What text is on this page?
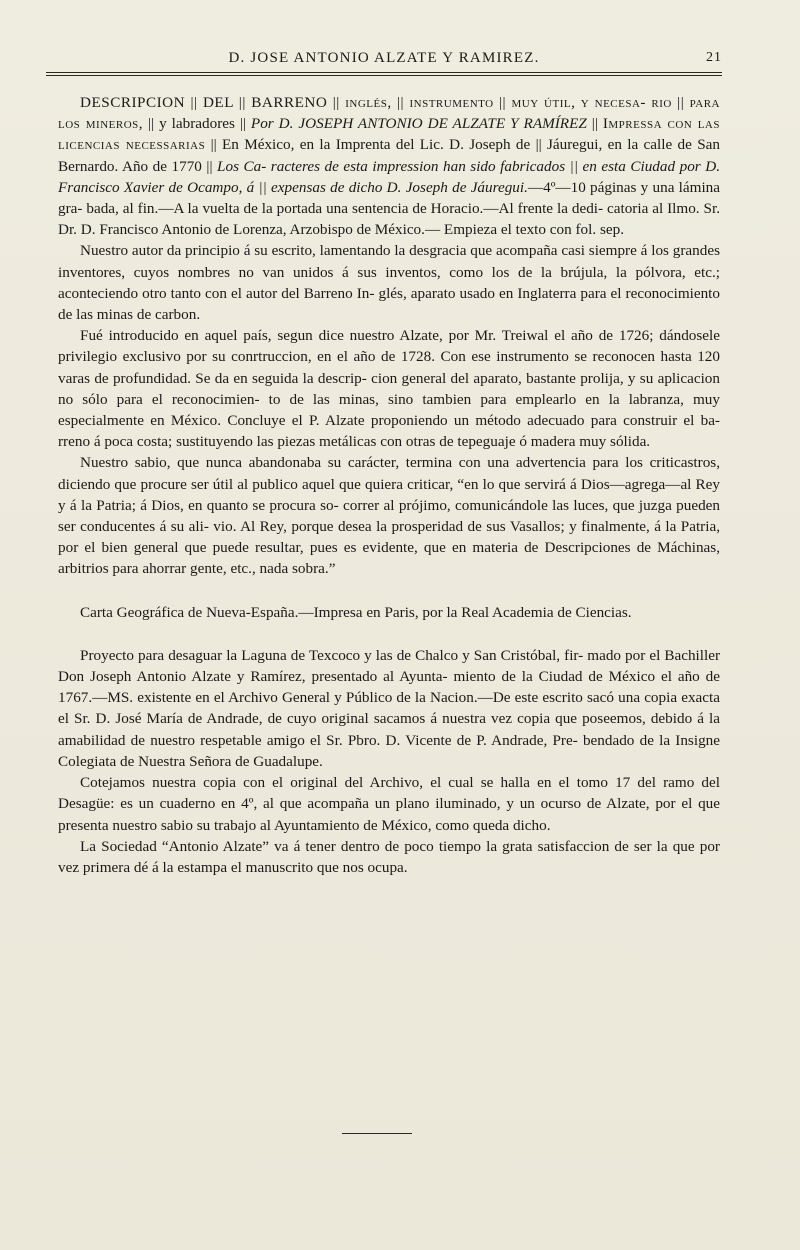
D. JOSE ANTONIO ALZATE Y RAMIREZ.	21

DESCRIPCION || DEL || BARRENO || inglés, || instrumento || muy útil, y necesa- rio || para los mineros, || y labradores || Por D. JOSEPH ANTONIO DE ALZATE Y RAMÍREZ || Impressa con las licencias necessarias || En México, en la Imprenta del Lic. D. Joseph de || Jáuregui, en la calle de San Bernardo. Año de 1770 || Los Ca- racteres de esta impression han sido fabricados || en esta Ciudad por D. Francisco Xavier de Ocampo, á || expensas de dicho D. Joseph de Jáuregui.—4º—10 páginas y una lámina gra- bada, al fin.—A la vuelta de la portada una sentencia de Horacio.—Al frente la dedi- catoria al Ilmo. Sr. Dr. D. Francisco Antonio de Lorenza, Arzobispo de México.— Empieza el texto con fol. sep.

Nuestro autor da principio á su escrito, lamentando la desgracia que acompaña casi siempre á los grandes inventores, cuyos nombres no van unidos á sus inventos, como los de la brújula, la pólvora, etc.; aconteciendo otro tanto con el autor del Barreno In- glés, aparato usado en Inglaterra para el reconocimiento de las minas de carbon.

Fué introducido en aquel país, segun dice nuestro Alzate, por Mr. Treiwal el año de 1726; dándosele privilegio exclusivo por su conrtruccion, en el año de 1728. Con ese instrumento se reconocen hasta 120 varas de profundidad. Se da en seguida la descrip- cion general del aparato, bastante prolija, y su aplicacion no sólo para el reconocimien- to de las minas, sino tambien para emplearlo en la labranza, muy especialmente en México. Concluye el P. Alzate proponiendo un método adecuado para construir el ba- rreno á poca costa; sustituyendo las piezas metálicas con otras de tepeguaje ó madera muy sólida.

Nuestro sabio, que nunca abandonaba su carácter, termina con una advertencia para los criticastros, diciendo que procure ser útil al publico aquel que quiera criticar, “en lo que servirá á Dios—agrega—al Rey y á la Patria; á Dios, en quanto se procura so- correr al prójimo, comunicándole las luces, que juzga pueden ser conducentes á su ali- vio. Al Rey, porque desea la prosperidad de sus Vasallos; y finalmente, á la Patria, por el bien general que puede resultar, pues es evidente, que en materia de Descripciones de Máchinas, arbitrios para ahorrar gente, etc., nada sobra.”

Carta Geográfica de Nueva-España.—Impresa en Paris, por la Real Academia de Ciencias.

Proyecto para desaguar la Laguna de Texcoco y las de Chalco y San Cristóbal, fir- mado por el Bachiller Don Joseph Antonio Alzate y Ramírez, presentado al Ayunta- miento de la Ciudad de México el año de 1767.—MS. existente en el Archivo General y Público de la Nacion.—De este escrito sacó una copia exacta el Sr. D. José María de Andrade, de cuyo original sacamos á nuestra vez copia que poseemos, debido á la amabilidad de nuestro respetable amigo el Sr. Pbro. D. Vicente de P. Andrade, Pre- bendado de la Insigne Colegiata de Nuestra Señora de Guadalupe.

Cotejamos nuestra copia con el original del Archivo, el cual se halla en el tomo 17 del ramo del Desagüe: es un cuaderno en 4º, al que acompaña un plano iluminado, y un ocurso de Alzate, por el que presenta nuestro sabio su trabajo al Ayuntamiento de México, como queda dicho.

La Sociedad “Antonio Alzate” va á tener dentro de poco tiempo la grata satisfaccion de ser la que por vez primera dé á la estampa el manuscrito que nos ocupa.
